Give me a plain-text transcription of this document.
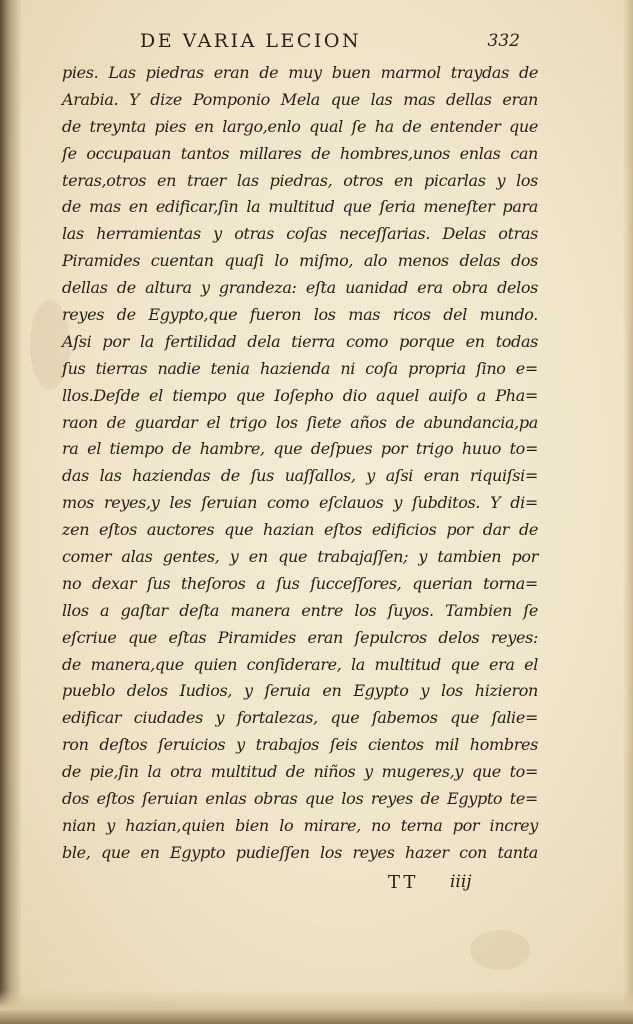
DE VARIA LECION	332
pies. Las piedras eran de muy buen marmol traydas de
Arabia. Y dize Pomponio Mela que las mas dellas eran
de treynta pies en largo,enlo qual ſe ha de entender que
ſe occupauan tantos millares de hombres,unos enlas can
teras,otros en traer las piedras, otros en picarlas y los
de mas en edificar,ſin la multitud que ſeria meneſter para
las herramientas y otras coſas neceſſarias. Delas otras
Piramides cuentan quaſi lo miſmo, alo menos delas dos
dellas de altura y grandeza: eſta uanidad era obra delos
reyes de Egypto,que fueron los mas ricos del mundo.
Aſsi por la fertilidad dela tierra como porque en todas
ſus tierras nadie tenia hazienda ni coſa propria ſino e=
llos.Deſde el tiempo que Ioſepho dio aquel auiſo a Pha=
raon de guardar el trigo los ſiete años de abundancia,pa
ra el tiempo de hambre, que deſpues por trigo huuo to=
das las haziendas de ſus uaſſallos, y aſsi eran riquiſsi=
mos reyes,y les ſeruian como eſclauos y ſubditos. Y di=
zen eſtos auctores que hazian eſtos edificios por dar de
comer alas gentes, y en que trabajaſſen; y tambien por
no dexar ſus theſoros a ſus ſucceſſores, querian torna=
llos a gaſtar deſta manera entre los ſuyos. Tambien ſe
eſcriue que eſtas Piramides eran ſepulcros delos reyes:
de manera,que quien conſiderare, la multitud que era el
pueblo delos Iudios, y ſeruia en Egypto y los hizieron
edificar ciudades y fortalezas, que ſabemos que ſalie=
ron deſtos ſeruicios y trabajos ſeis cientos mil hombres
de pie,ſin la otra multitud de niños y mugeres,y que to=
dos eſtos ſeruian enlas obras que los reyes de Egypto te=
nian y hazian,quien bien lo mirare, no terna por increy
ble, que en Egypto pudieſſen los reyes hazer con tanta
TT iiij
